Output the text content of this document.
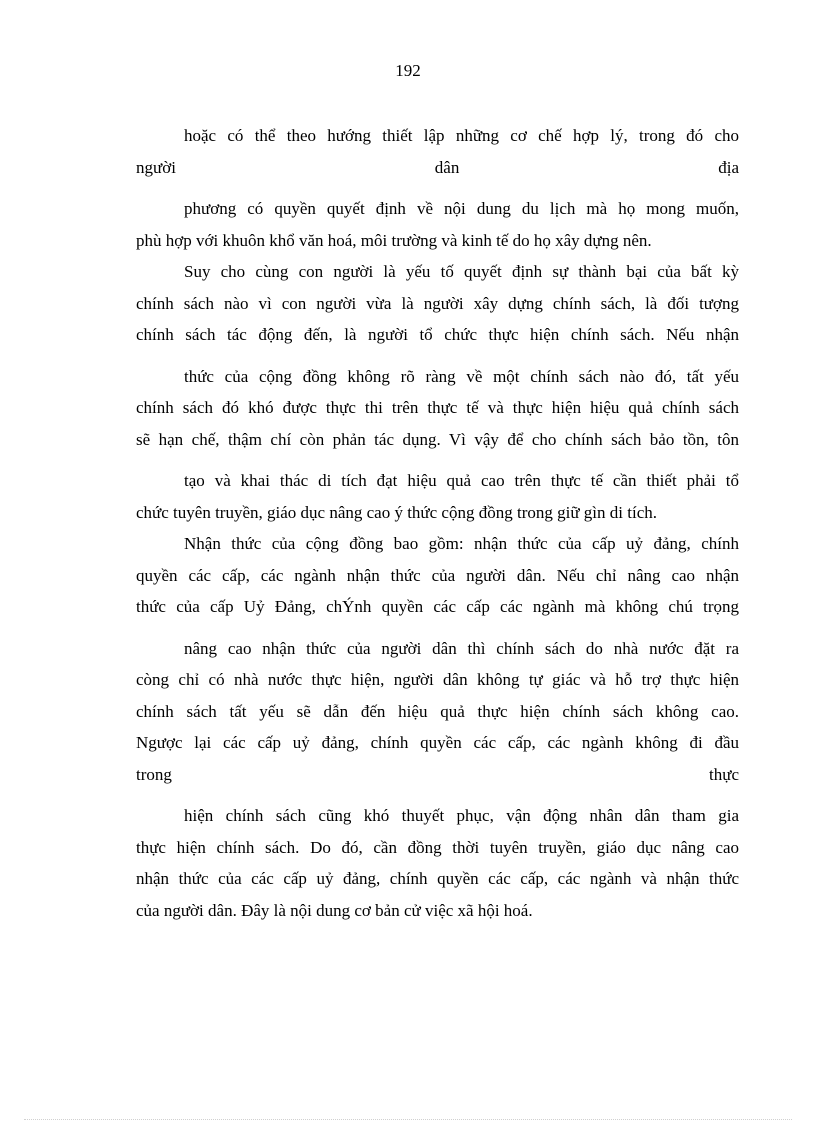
192
hoặc có thể theo hướng thiết lập những cơ chế hợp lý, trong đó cho
người dân địa
phương có quyền quyết định về nội dung du lịch mà họ mong muốn,
phù hợp với khuôn khổ văn hoá, môi trường và kinh tế do họ xây dựng nên.
Suy cho cùng con người là yếu tố quyết định sự thành bại của bất kỳ
chính sách nào vì con người vừa là người xây dựng chính sách, là đối tượng
chính sách tác động đến, là người tổ chức thực hiện chính sách. Nếu nhận
thức của cộng đồng không rõ ràng về một chính sách nào đó, tất yếu
chính sách đó khó được thực thi trên thực tế và thực hiện hiệu quả chính sách
sẽ hạn chế, thậm chí còn phản tác dụng. Vì vậy để cho chính sách bảo tồn, tôn
tạo và khai thác di tích đạt hiệu quả cao trên thực tế cần thiết phải tổ
chức tuyên truyền, giáo dục nâng cao ý thức cộng đồng trong giữ gìn di tích.
Nhận thức của cộng đồng bao gồm: nhận thức của cấp uỷ đảng, chính
quyền các cấp, các ngành nhận thức của người dân. Nếu chỉ nâng cao nhận
thức của cấp Uỷ Đảng, chÝnh quyền các cấp các ngành mà không chú trọng
nâng cao nhận thức của người dân thì chính sách do nhà nước đặt ra
còng chỉ có nhà nước thực hiện, người dân không tự giác và hỗ trợ thực hiện
chính sách tất yếu sẽ dẫn đến hiệu quả thực hiện chính sách không cao.
Ngược lại các cấp uỷ đảng, chính quyền các cấp, các ngành không đi đầu
trong thực
hiện chính sách cũng khó thuyết phục, vận động nhân dân tham gia
thực hiện chính sách. Do đó, cần đồng thời tuyên truyền, giáo dục nâng cao
nhận thức của các cấp uỷ đảng, chính quyền các cấp, các ngành và nhận thức
của người dân. Đây là nội dung cơ bản cử việc xã hội hoá.
